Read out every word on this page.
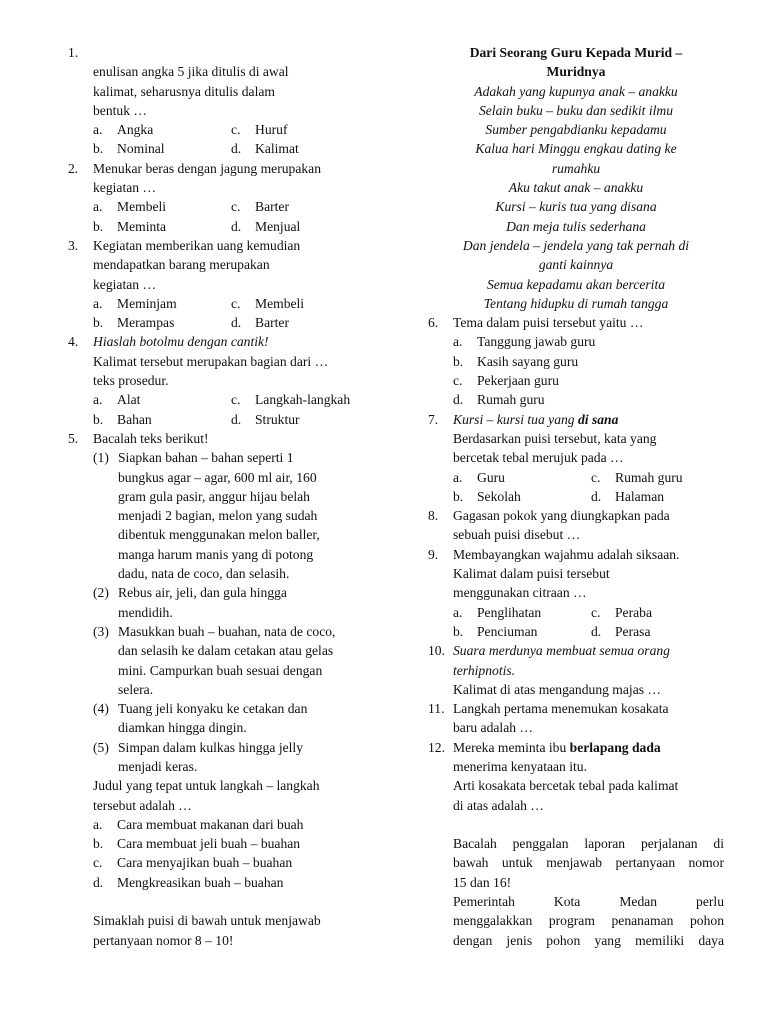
1.

enulisan angka 5 jika ditulis di awal
kalimat, seharusnya ditulis dalam
bentuk …
a.	Angka	c.	Huruf
b.	Nominal	d.	Kalimat
2.	Menukar beras dengan jagung merupakan
kegiatan …
a.	Membeli	c.	Barter
b.	Meminta	d.	Menjual
3.	Kegiatan memberikan uang kemudian
mendapatkan barang merupakan
kegiatan …
a.	Meminjam	c.	Membeli
b.	Merampas	d.	Barter
4.	Hiaslah botolmu dengan cantik!
Kalimat tersebut merupakan bagian dari …
teks prosedur.
a.	Alat	c.	Langkah-langkah
b.	Bahan	d.	Struktur
5.	Bacalah teks berikut!
(1) Siapkan bahan – bahan seperti 1
bungkus agar – agar, 600 ml air, 160
gram gula pasir, anggur hijau belah
menjadi 2 bagian, melon yang sudah
dibentuk menggunakan melon baller,
manga harum manis yang di potong
dadu, nata de coco, dan selasih.
(2) Rebus air, jeli, dan gula hingga
mendidih.
(3) Masukkan buah – buahan, nata de coco,
dan selasih ke dalam cetakan atau gelas
mini. Campurkan buah sesuai dengan
selera.
(4) Tuang jeli konyaku ke cetakan dan
diamkan hingga dingin.
(5) Simpan dalam kulkas hingga jelly
menjadi keras.
Judul yang tepat untuk langkah – langkah
tersebut adalah …
a.	Cara membuat makanan dari buah
b.	Cara membuat jeli buah – buahan
c.	Cara menyajikan buah – buahan
d.	Mengkreasikan buah – buahan
Simaklah puisi di bawah untuk menjawab
pertanyaan nomor 8 – 10!
Dari Seorang Guru Kepada Murid –
Muridnya
Adakah yang kupunya anak – anakku
Selain buku – buku dan sedikit ilmu
Sumber pengabdianku kepadamu
Kalua hari Minggu engkau dating ke
rumahku
Aku takut anak – anakku
Kursi – kuris tua yang disana
Dan meja tulis sederhana
Dan jendela – jendela yang tak pernah di
ganti kainnya
Semua kepadamu akan bercerita
Tentang hidupku di rumah tangga
6.	Tema dalam puisi tersebut yaitu …
a.	Tanggung jawab guru
b.	Kasih sayang guru
c.	Pekerjaan guru
d.	Rumah guru
7.	Kursi – kursi tua yang di sana
Berdasarkan puisi tersebut, kata yang
bercetak tebal merujuk pada …
a.	Guru	c.	Rumah guru
b.	Sekolah	d.	Halaman
8.	Gagasan pokok yang diungkapkan pada
sebuah puisi disebut …
9.	Membayangkan wajahmu adalah siksaan.
Kalimat dalam puisi tersebut
menggunakan citraan …
a.	Penglihatan	c.	Peraba
b.	Penciuman	d.	Perasa
10. Suara merdunya membuat semua orang
terhipnotis.
Kalimat di atas mengandung majas …
11. Langkah pertama menemukan kosakata
baru adalah …
12. Mereka meminta ibu berlapang dada
menerima kenyataan itu.
Arti kosakata bercetak tebal pada kalimat
di atas adalah …
Bacalah penggalan laporan perjalanan di
bawah untuk menjawab pertanyaan nomor
15 dan 16!
Pemerintah Kota Medan perlu
menggalakkan program penanaman pohon
dengan jenis pohon yang memiliki daya
